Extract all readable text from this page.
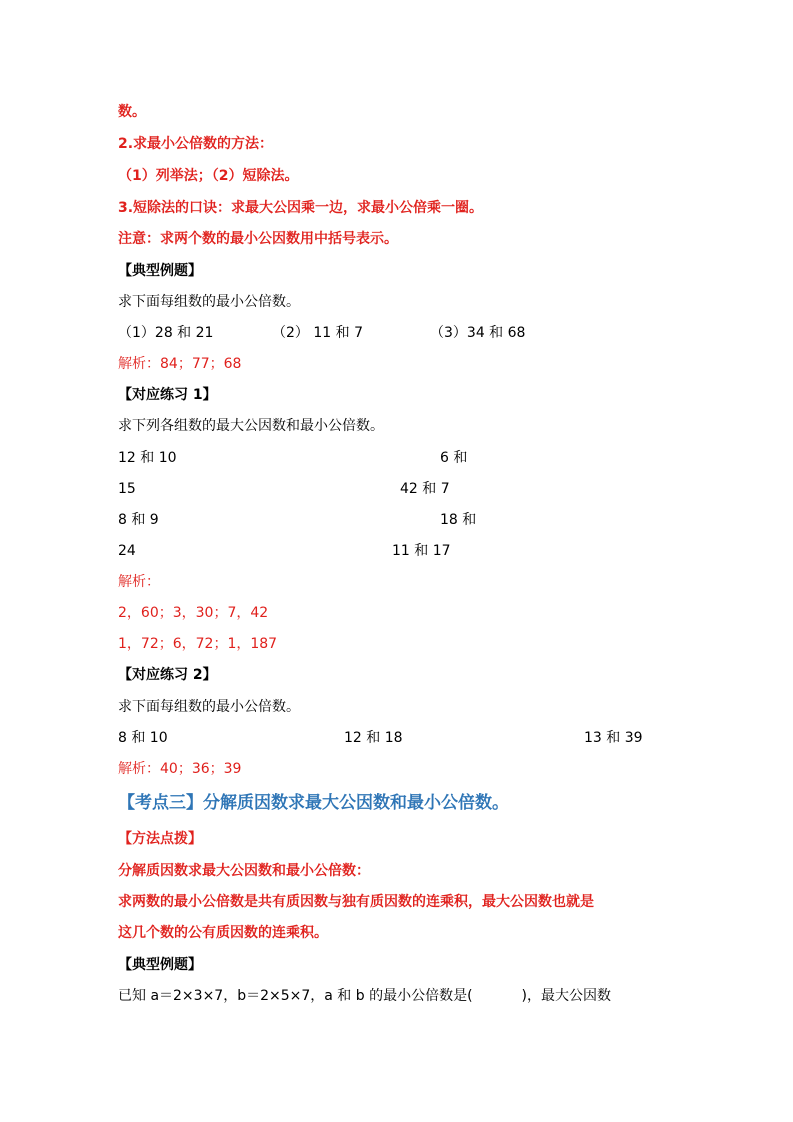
数。
2.求最小公倍数的方法：
（1）列举法；（2）短除法。
3.短除法的口诀：求最大公因乘一边，求最小公倍乘一圈。
注意：求两个数的最小公因数用中括号表示。
【典型例题】
求下面每组数的最小公倍数。
（1）28 和 21	（2） 11 和 7	（3）34 和 68
解析：84；77；68
【对应练习 1】
求下列各组数的最大公因数和最小公倍数。
12 和 10	6 和
15	42 和 7
8 和 9	18 和
24	11 和 17
解析：
2，60；3，30；7，42
1，72；6，72；1，187
【对应练习 2】
求下面每组数的最小公倍数。
8 和 10	12 和 18	13 和 39
解析：40；36；39
【考点三】分解质因数求最大公因数和最小公倍数。
【方法点拨】
分解质因数求最大公因数和最小公倍数：
求两数的最小公倍数是共有质因数与独有质因数的连乘积，最大公因数也就是
这几个数的公有质因数的连乘积。
【典型例题】
已知 a＝2×3×7，b＝2×5×7，a 和 b 的最小公倍数是(           )，最大公因数
